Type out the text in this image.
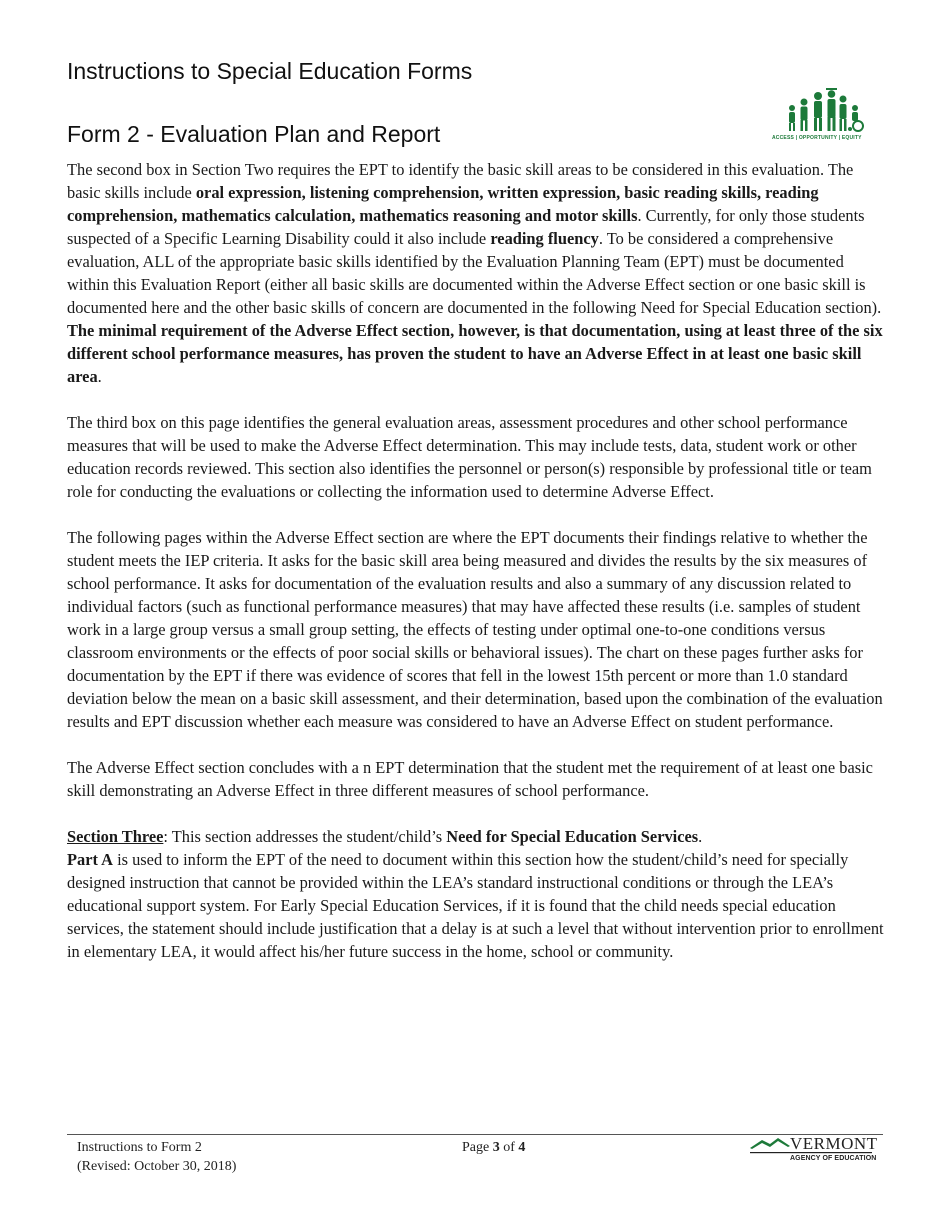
Instructions to Special Education Forms
Form 2 - Evaluation Plan and Report	ACCESS | OPPORTUNITY | EQUITY

The second box in Section Two requires the EPT to identify the basic skill areas to be considered in this evaluation. The basic skills include oral expression, listening comprehension, written expression, basic reading skills, reading comprehension, mathematics calculation, mathematics reasoning and motor skills. Currently, for only those students suspected of a Specific Learning Disability could it also include reading fluency. To be considered a comprehensive evaluation, ALL of the appropriate basic skills identified by the Evaluation Planning Team (EPT) must be documented within this Evaluation Report (either all basic skills are documented within the Adverse Effect section or one basic skill is documented here and the other basic skills of concern are documented in the following Need for Special Education section). The minimal requirement of the Adverse Effect section, however, is that documentation, using at least three of the six different school performance measures, has proven the student to have an Adverse Effect in at least one basic skill area.

The third box on this page identifies the general evaluation areas, assessment procedures and other school performance measures that will be used to make the Adverse Effect determination. This may include tests, data, student work or other education records reviewed. This section also identifies the personnel or person(s) responsible by professional title or team role for conducting the evaluations or collecting the information used to determine Adverse Effect.

The following pages within the Adverse Effect section are where the EPT documents their findings relative to whether the student meets the IEP criteria. It asks for the basic skill area being measured and divides the results by the six measures of school performance. It asks for documentation of the evaluation results and also a summary of any discussion related to individual factors (such as functional performance measures) that may have affected these results (i.e. samples of student work in a large group versus a small group setting, the effects of testing under optimal one-to-one conditions versus classroom environments or the effects of poor social skills or behavioral issues). The chart on these pages further asks for documentation by the EPT if there was evidence of scores that fell in the lowest 15th percent or more than 1.0 standard deviation below the mean on a basic skill assessment, and their determination, based upon the combination of the evaluation results and EPT discussion whether each measure was considered to have an Adverse Effect on student performance.

The Adverse Effect section concludes with a n EPT determination that the student met the requirement of at least one basic skill demonstrating an Adverse Effect in three different measures of school performance.

Section Three: This section addresses the student/child’s Need for Special Education Services.

Part A is used to inform the EPT of the need to document within this section how the student/child’s need for specially designed instruction that cannot be provided within the LEA’s standard instructional conditions or through the LEA’s educational support system. For Early Special Education Services, if it is found that the child needs special education services, the statement should include justification that a delay is at such a level that without intervention prior to enrollment in elementary LEA, it would affect his/her future success in the home, school or community.

Instructions to Form 2
(Revised: October 30, 2018)
Page 3 of 4	VERMONT
AGENCY OF EDUCATION
